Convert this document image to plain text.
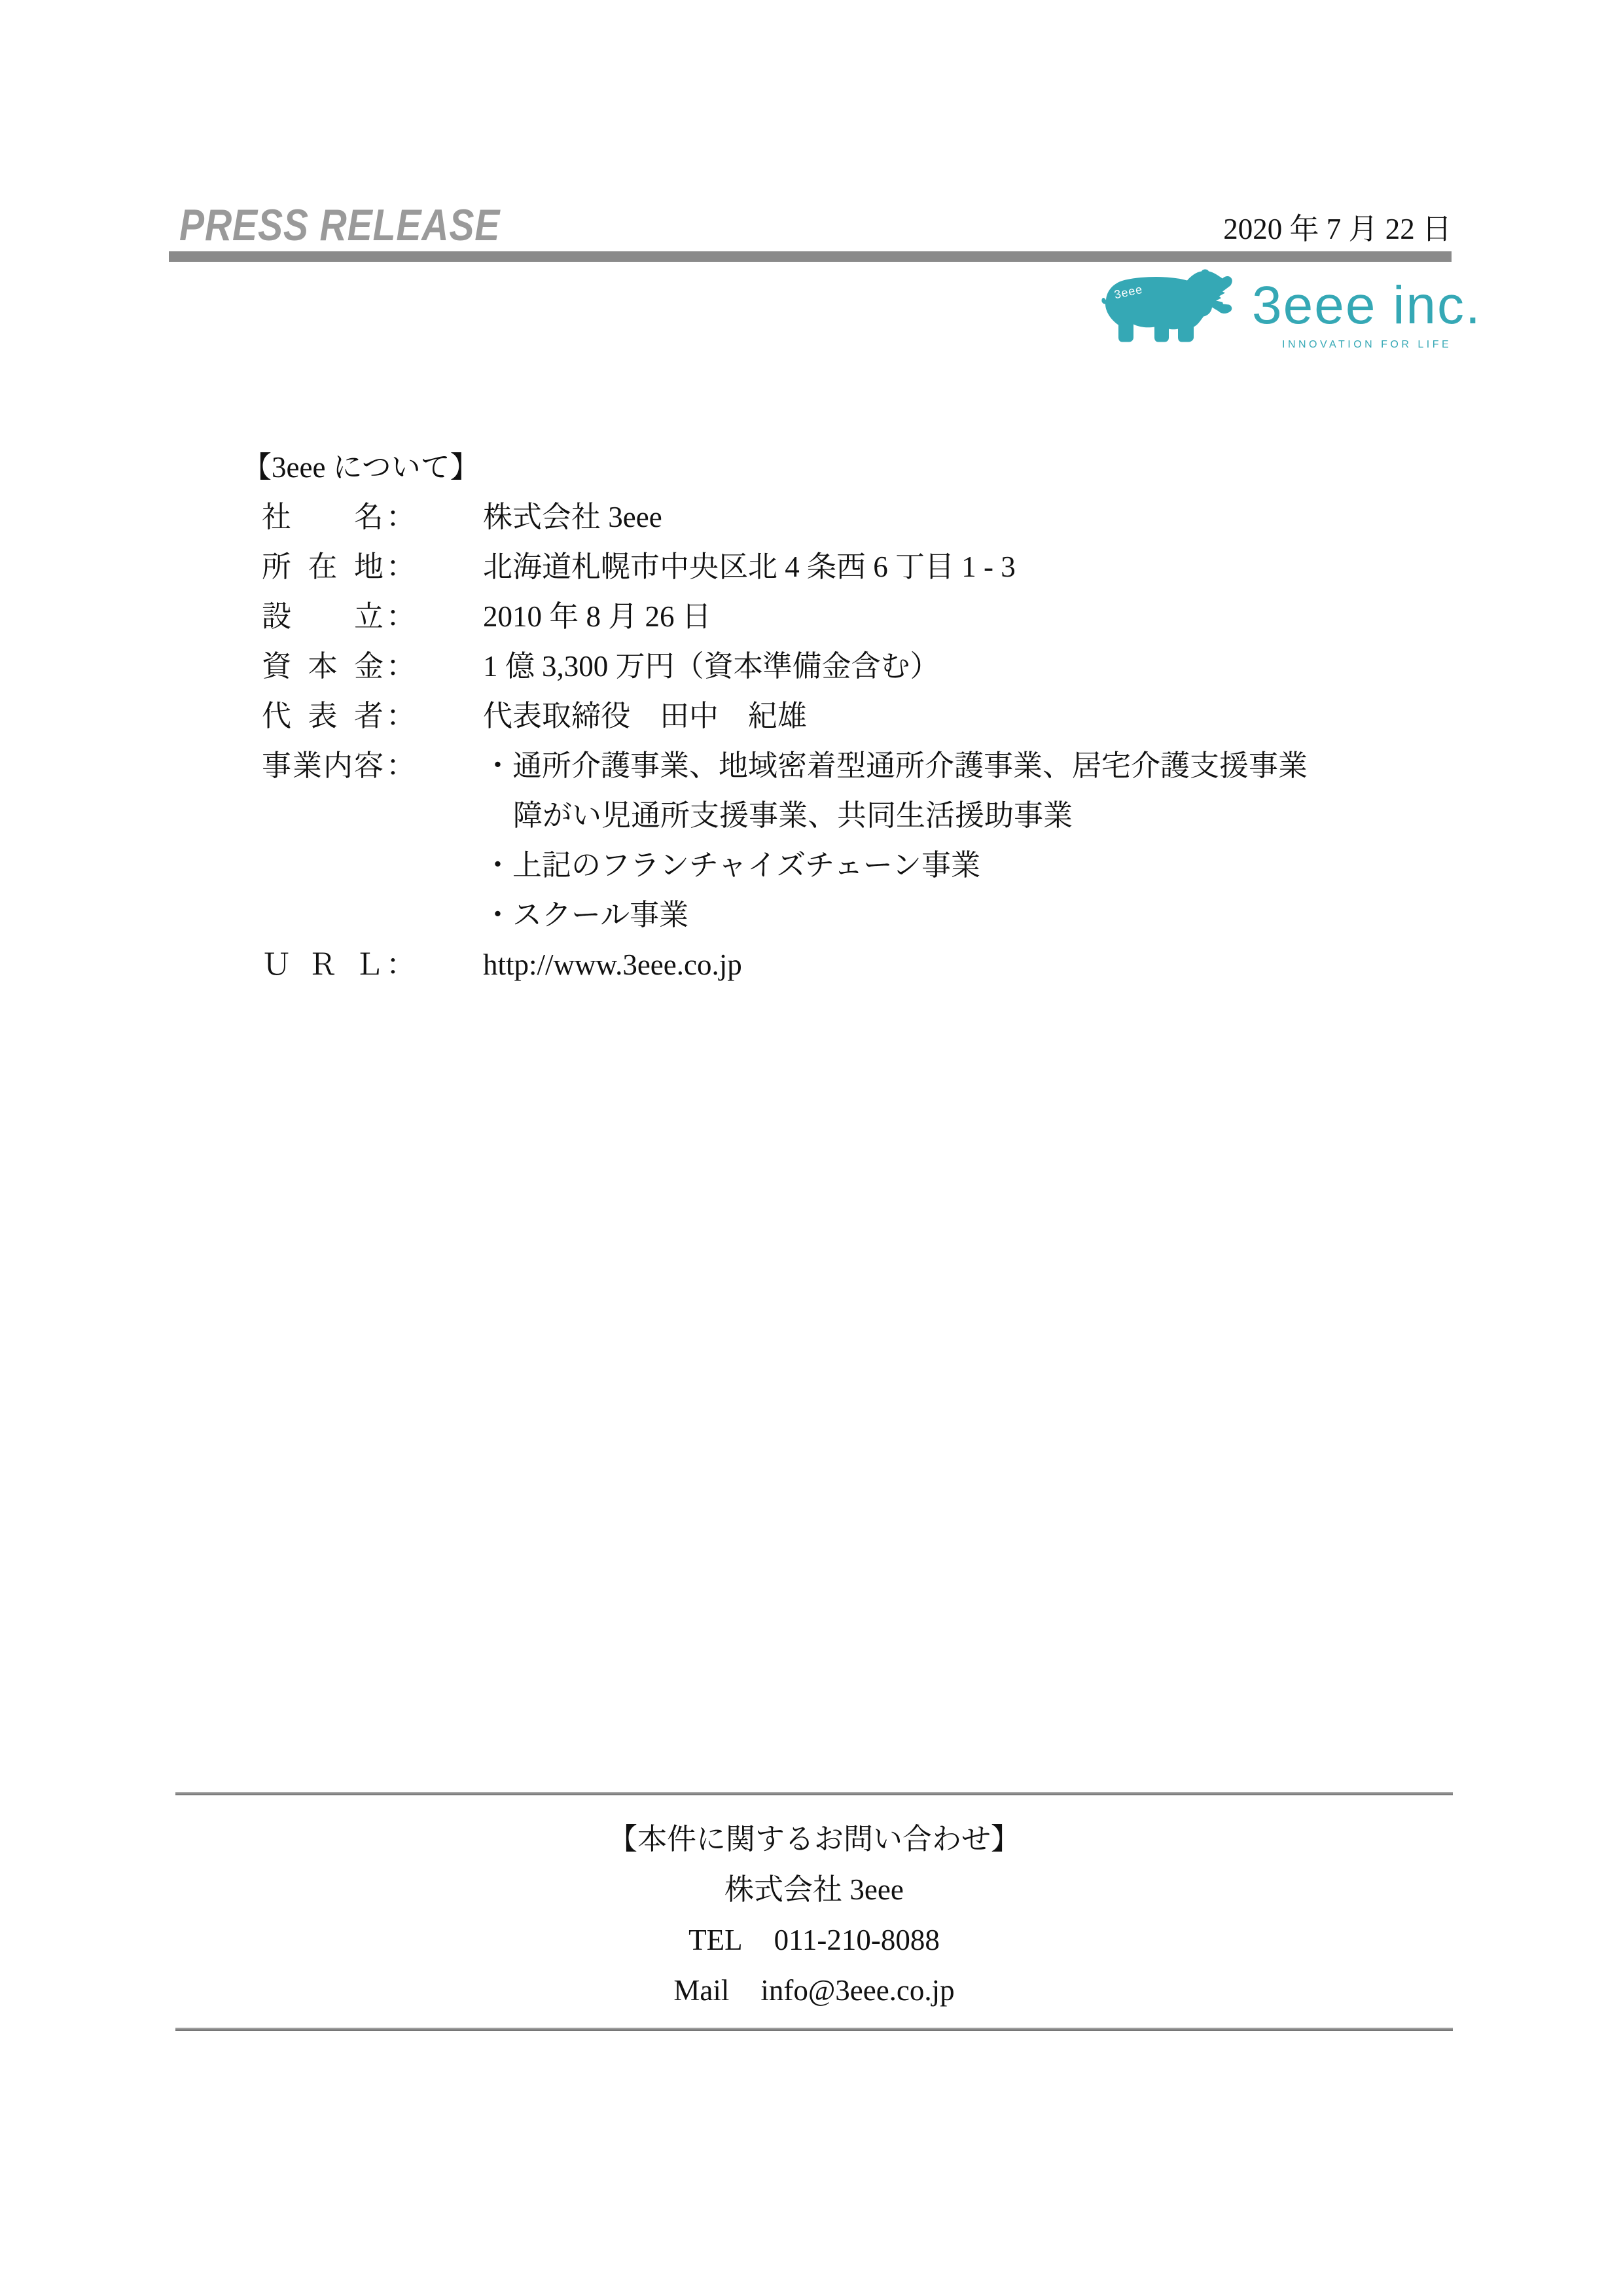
PRESS RELEASE	2020 年 7 月 22 日
3eee 3eee inc.
INNOVATION FOR LIFE
【3eee について】
社名 ：	株式会社 3eee
所在地 ：	北海道札幌市中央区北 4 条西 6 丁目 1 - 3
設立 ：	2010 年 8 月 26 日
資本金 ：	1 億 3,300 万円（資本準備金含む）
代表者 ：	代表取締役　田中　紀雄
事業内容 ：	・通所介護事業、地域密着型通所介護事業、居宅介護支援事業
障がい児通所支援事業、共同生活援助事業
・上記のフランチャイズチェーン事業
・スクール事業
ＵＲＬ ：	http://www.3eee.co.jp
【本件に関するお問い合わせ】
株式会社 3eee
TEL 011-210-8088
Mail info@3eee.co.jp
